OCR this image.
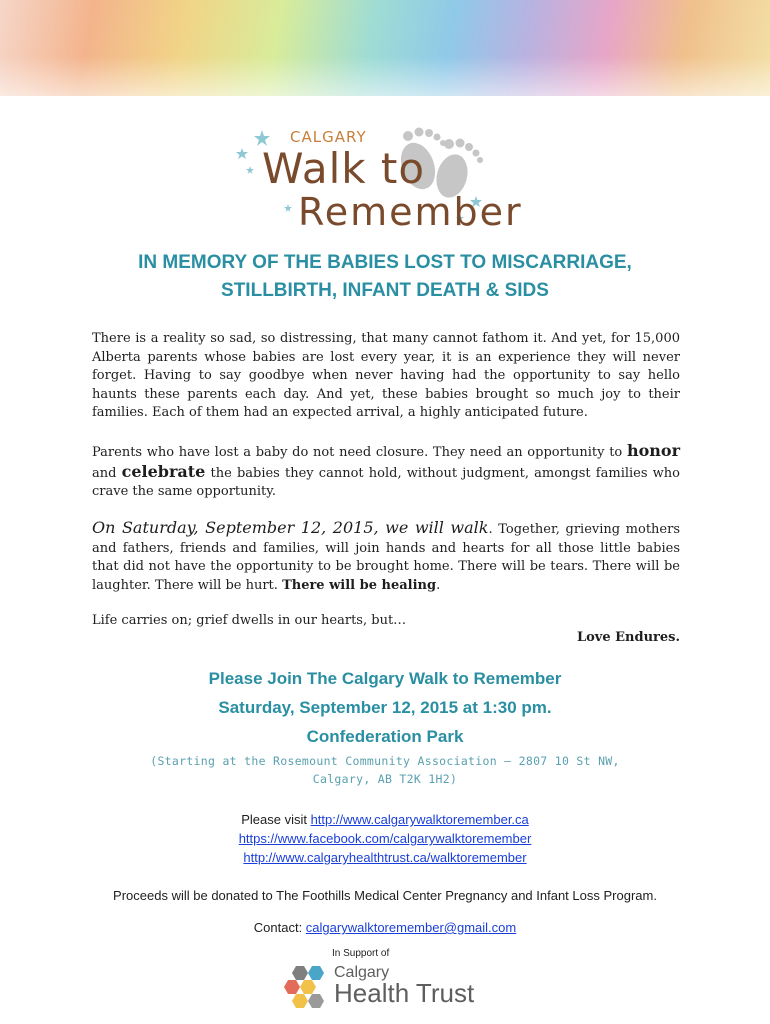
CALGARY
Walk to
Remember
IN MEMORY OF THE BABIES LOST TO MISCARRIAGE,
STILLBIRTH, INFANT DEATH & SIDS

There is a reality so sad, so distressing, that many cannot fathom it. And yet, for 15,000 Alberta parents whose babies are lost every year, it is an experience they will never forget. Having to say goodbye when never having had the opportunity to say hello haunts these parents each day. And yet, these babies brought so much joy to their families. Each of them had an expected arrival, a highly anticipated future.

Parents who have lost a baby do not need closure. They need an opportunity to honor and celebrate the babies they cannot hold, without judgment, amongst families who crave the same opportunity.

On Saturday, September 12, 2015, we will walk. Together, grieving mothers and fathers, friends and families, will join hands and hearts for all those little babies that did not have the opportunity to be brought home. There will be tears. There will be laughter. There will be hurt. There will be healing.

Life carries on; grief dwells in our hearts, but…

Love Endures.
Please Join The Calgary Walk to Remember
Saturday, September 12, 2015 at 1:30 pm.
Confederation Park
(Starting at the Rosemount Community Association – 2807 10 St NW,
Calgary, AB T2K 1H2)
Please visit http://www.calgarywalktoremember.ca
https://www.facebook.com/calgarywalktoremember
http://www.calgaryhealthtrust.ca/walktoremember
Proceeds will be donated to The Foothills Medical Center Pregnancy and Infant Loss Program.
Contact: calgarywalktoremember@gmail.com
In Support of
Calgary
Health Trust
